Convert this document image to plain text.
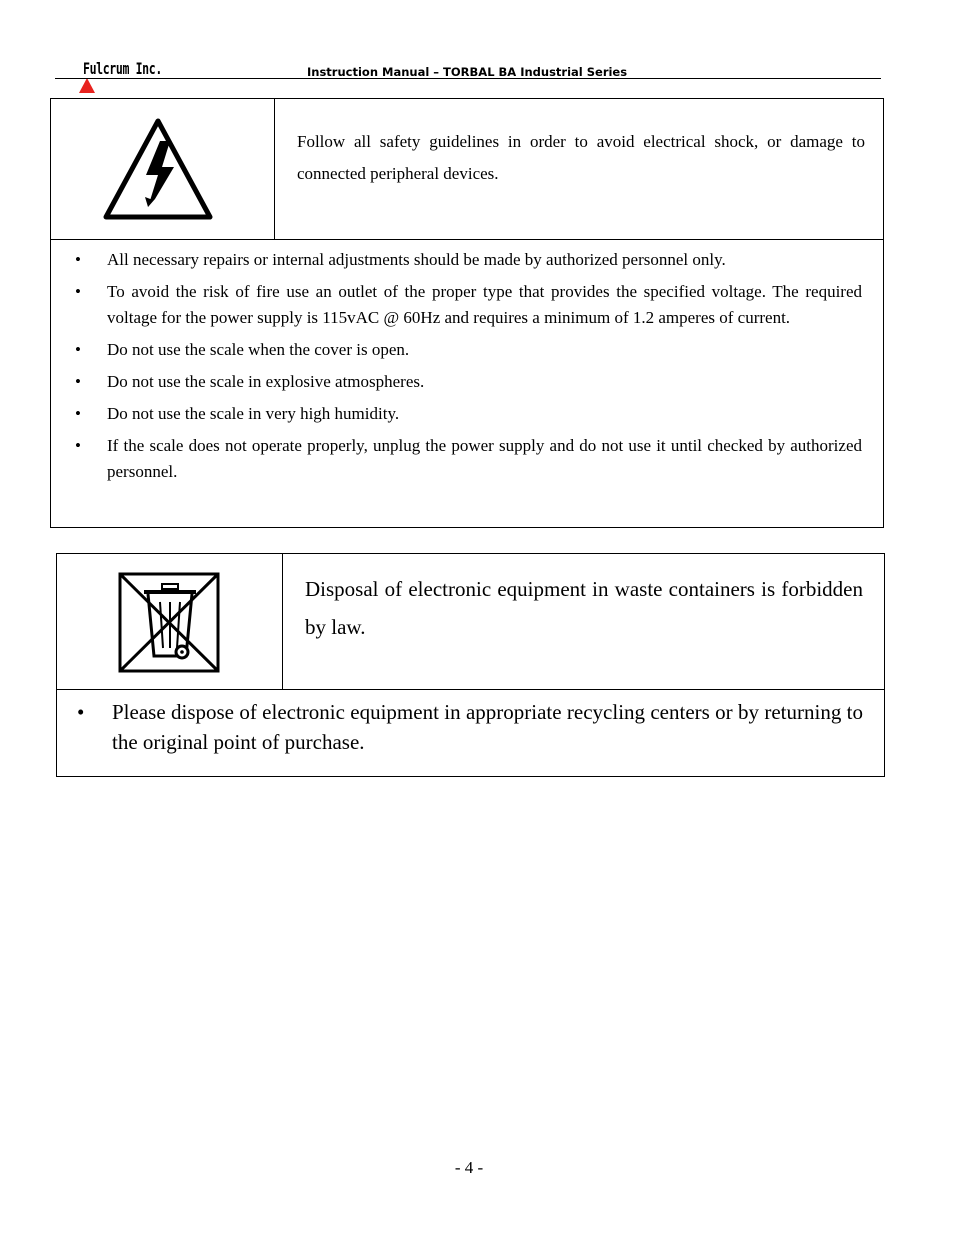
Fulcrum Inc.	Instruction Manual – TORBAL BA Industrial Series
Follow all safety guidelines in order to avoid electrical shock, or damage to connected peripheral devices.
• All necessary repairs or internal adjustments should be made by authorized personnel only.
• To avoid the risk of fire use an outlet of the proper type that provides the specified voltage. The required voltage for the power supply is 115vAC @ 60Hz and requires a minimum of 1.2 amperes of current.
• Do not use the scale when the cover is open.
• Do not use the scale in explosive atmospheres.
• Do not use the scale in very high humidity.
• If the scale does not operate properly, unplug the power supply and do not use it until checked by authorized personnel.
Disposal of electronic equipment in waste containers is forbidden by law.
• Please dispose of electronic equipment in appropriate recycling centers or by returning to the original point of purchase.
- 4 -
